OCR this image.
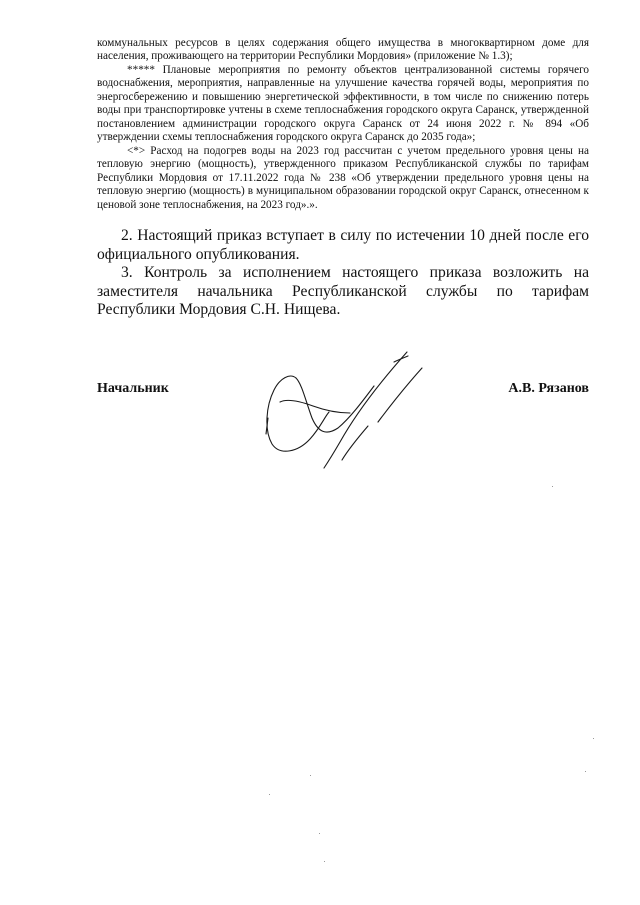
коммунальных ресурсов в целях содержания общего имущества в многоквартирном доме для населения, проживающего на территории Республики Мордовия» (приложение № 1.3);

***** Плановые мероприятия по ремонту объектов централизованной системы горячего водоснабжения, мероприятия, направленные на улучшение качества горячей воды, мероприятия по энергосбережению и повышению энергетической эффективности, в том числе по снижению потерь воды при транспортировке учтены в схеме теплоснабжения городского округа Саранск, утвержденной постановлением администрации городского округа Саранск от 24 июня 2022 г. № 894 «Об утверждении схемы теплоснабжения городского округа Саранск до 2035 года»;

<*> Расход на подогрев воды на 2023 год рассчитан с учетом предельного уровня цены на тепловую энергию (мощность), утвержденного приказом Республиканской службы по тарифам Республики Мордовия от 17.11.2022 года № 238 «Об утверждении предельного уровня цены на тепловую энергию (мощность) в муниципальном образовании городской округ Саранск, отнесенном к ценовой зоне теплоснабжения, на 2023 год».».

2. Настоящий приказ вступает в силу по истечении 10 дней после его официального опубликования.

3. Контроль за исполнением настоящего приказа возложить на заместителя начальника Республиканской службы по тарифам Республики Мордовия С.Н. Нищева.

Начальник	А.В. Рязанов
